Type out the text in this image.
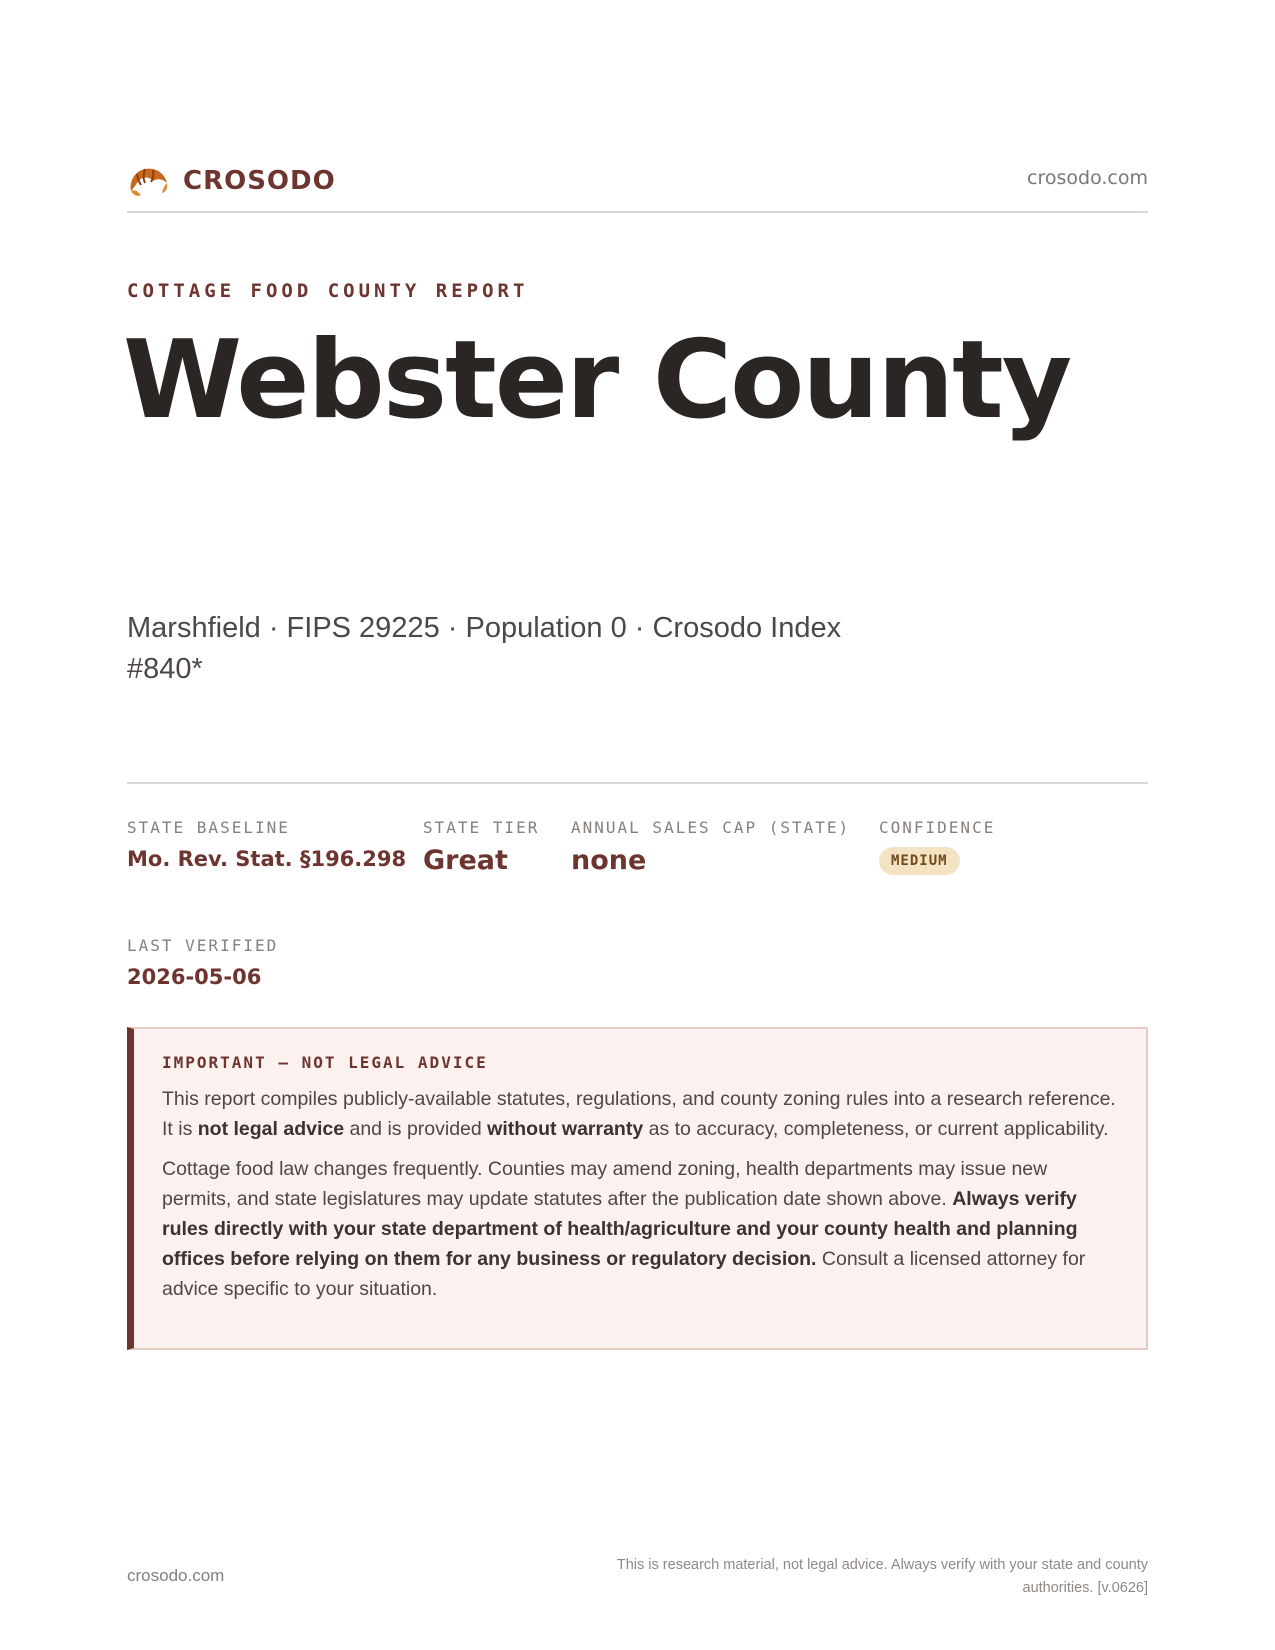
CROSODO	crosodo.com
COTTAGE FOOD COUNTY REPORT
Webster County
Marshfield · FIPS 29225 · Population 0 · Crosodo Index #840*
STATE BASELINE
Mo. Rev. Stat. §196.298
STATE TIER
Great
ANNUAL SALES CAP (STATE)
none
CONFIDENCE
MEDIUM
LAST VERIFIED
2026-05-06
IMPORTANT — NOT LEGAL ADVICE

This report compiles publicly-available statutes, regulations, and county zoning rules into a research reference. It is not legal advice and is provided without warranty as to accuracy, completeness, or current applicability.

Cottage food law changes frequently. Counties may amend zoning, health departments may issue new permits, and state legislatures may update statutes after the publication date shown above. Always verify rules directly with your state department of health/agriculture and your county health and planning offices before relying on them for any business or regulatory decision. Consult a licensed attorney for advice specific to your situation.

crosodo.com
This is research material, not legal advice. Always verify with your state and county authorities. [v.0626]
